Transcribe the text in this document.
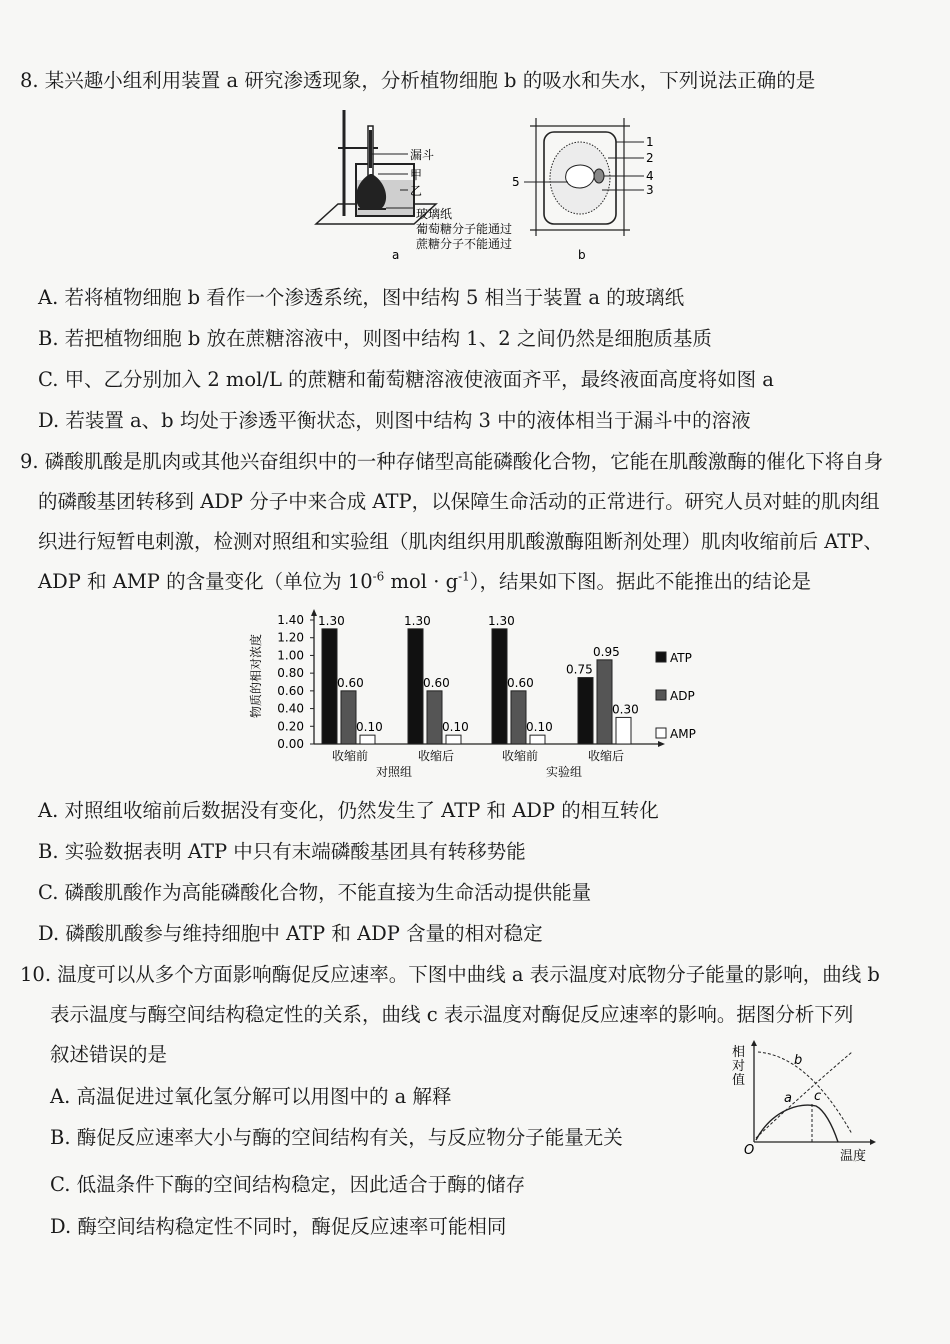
8. 某兴趣小组利用装置 a 研究渗透现象，分析植物细胞 b 的吸水和失水，下列说法正确的是
漏斗
甲
乙
玻璃纸
葡萄糖分子能通过
蔗糖分子不能通过
a
1
2
4
3
5
b
A. 若将植物细胞 b 看作一个渗透系统，图中结构 5 相当于装置 a 的玻璃纸
B. 若把植物细胞 b 放在蔗糖溶液中，则图中结构 1、2 之间仍然是细胞质基质
C. 甲、乙分别加入 2 mol/L 的蔗糖和葡萄糖溶液使液面齐平，最终液面高度将如图 a
D. 若装置 a、b 均处于渗透平衡状态，则图中结构 3 中的液体相当于漏斗中的溶液
9. 磷酸肌酸是肌肉或其他兴奋组织中的一种存储型高能磷酸化合物，它能在肌酸激酶的催化下将自身
的磷酸基团转移到 ADP 分子中来合成 ATP，以保障生命活动的正常进行。研究人员对蛙的肌肉组
织进行短暂电刺激，检测对照组和实验组（肌肉组织用肌酸激酶阻断剂处理）肌肉收缩前后 ATP、
ADP 和 AMP 的含量变化（单位为 $10^{-6}$ mol · $g^{-1}$），结果如下图。据此不能推出的结论是
物质的相对浓度
0.00
0.20
0.40
0.60
0.80
1.00
1.20
1.40 1.30
0.60
0.10
收缩前
1.30
0.60
0.10
收缩后
1.30
0.60
0.10
收缩前
0.75
0.95
0.30
收缩后
对照组	实验组
ATP
ADP
AMP
A. 对照组收缩前后数据没有变化，仍然发生了 ATP 和 ADP 的相互转化
B. 实验数据表明 ATP 中只有末端磷酸基团具有转移势能
C. 磷酸肌酸作为高能磷酸化合物，不能直接为生命活动提供能量
D. 磷酸肌酸参与维持细胞中 ATP 和 ADP 含量的相对稳定
10. 温度可以从多个方面影响酶促反应速率。下图中曲线 a 表示温度对底物分子能量的影响，曲线 b
表示温度与酶空间结构稳定性的关系，曲线 c 表示温度对酶促反应速率的影响。据图分析下列
叙述错误的是
A. 高温促进过氧化氢分解可以用图中的 a 解释
B. 酶促反应速率大小与酶的空间结构有关，与反应物分子能量无关
C. 低温条件下酶的空间结构稳定，因此适合于酶的储存
D. 酶空间结构稳定性不同时，酶促反应速率可能相同
相
对
值
O	温度
a
b
c
